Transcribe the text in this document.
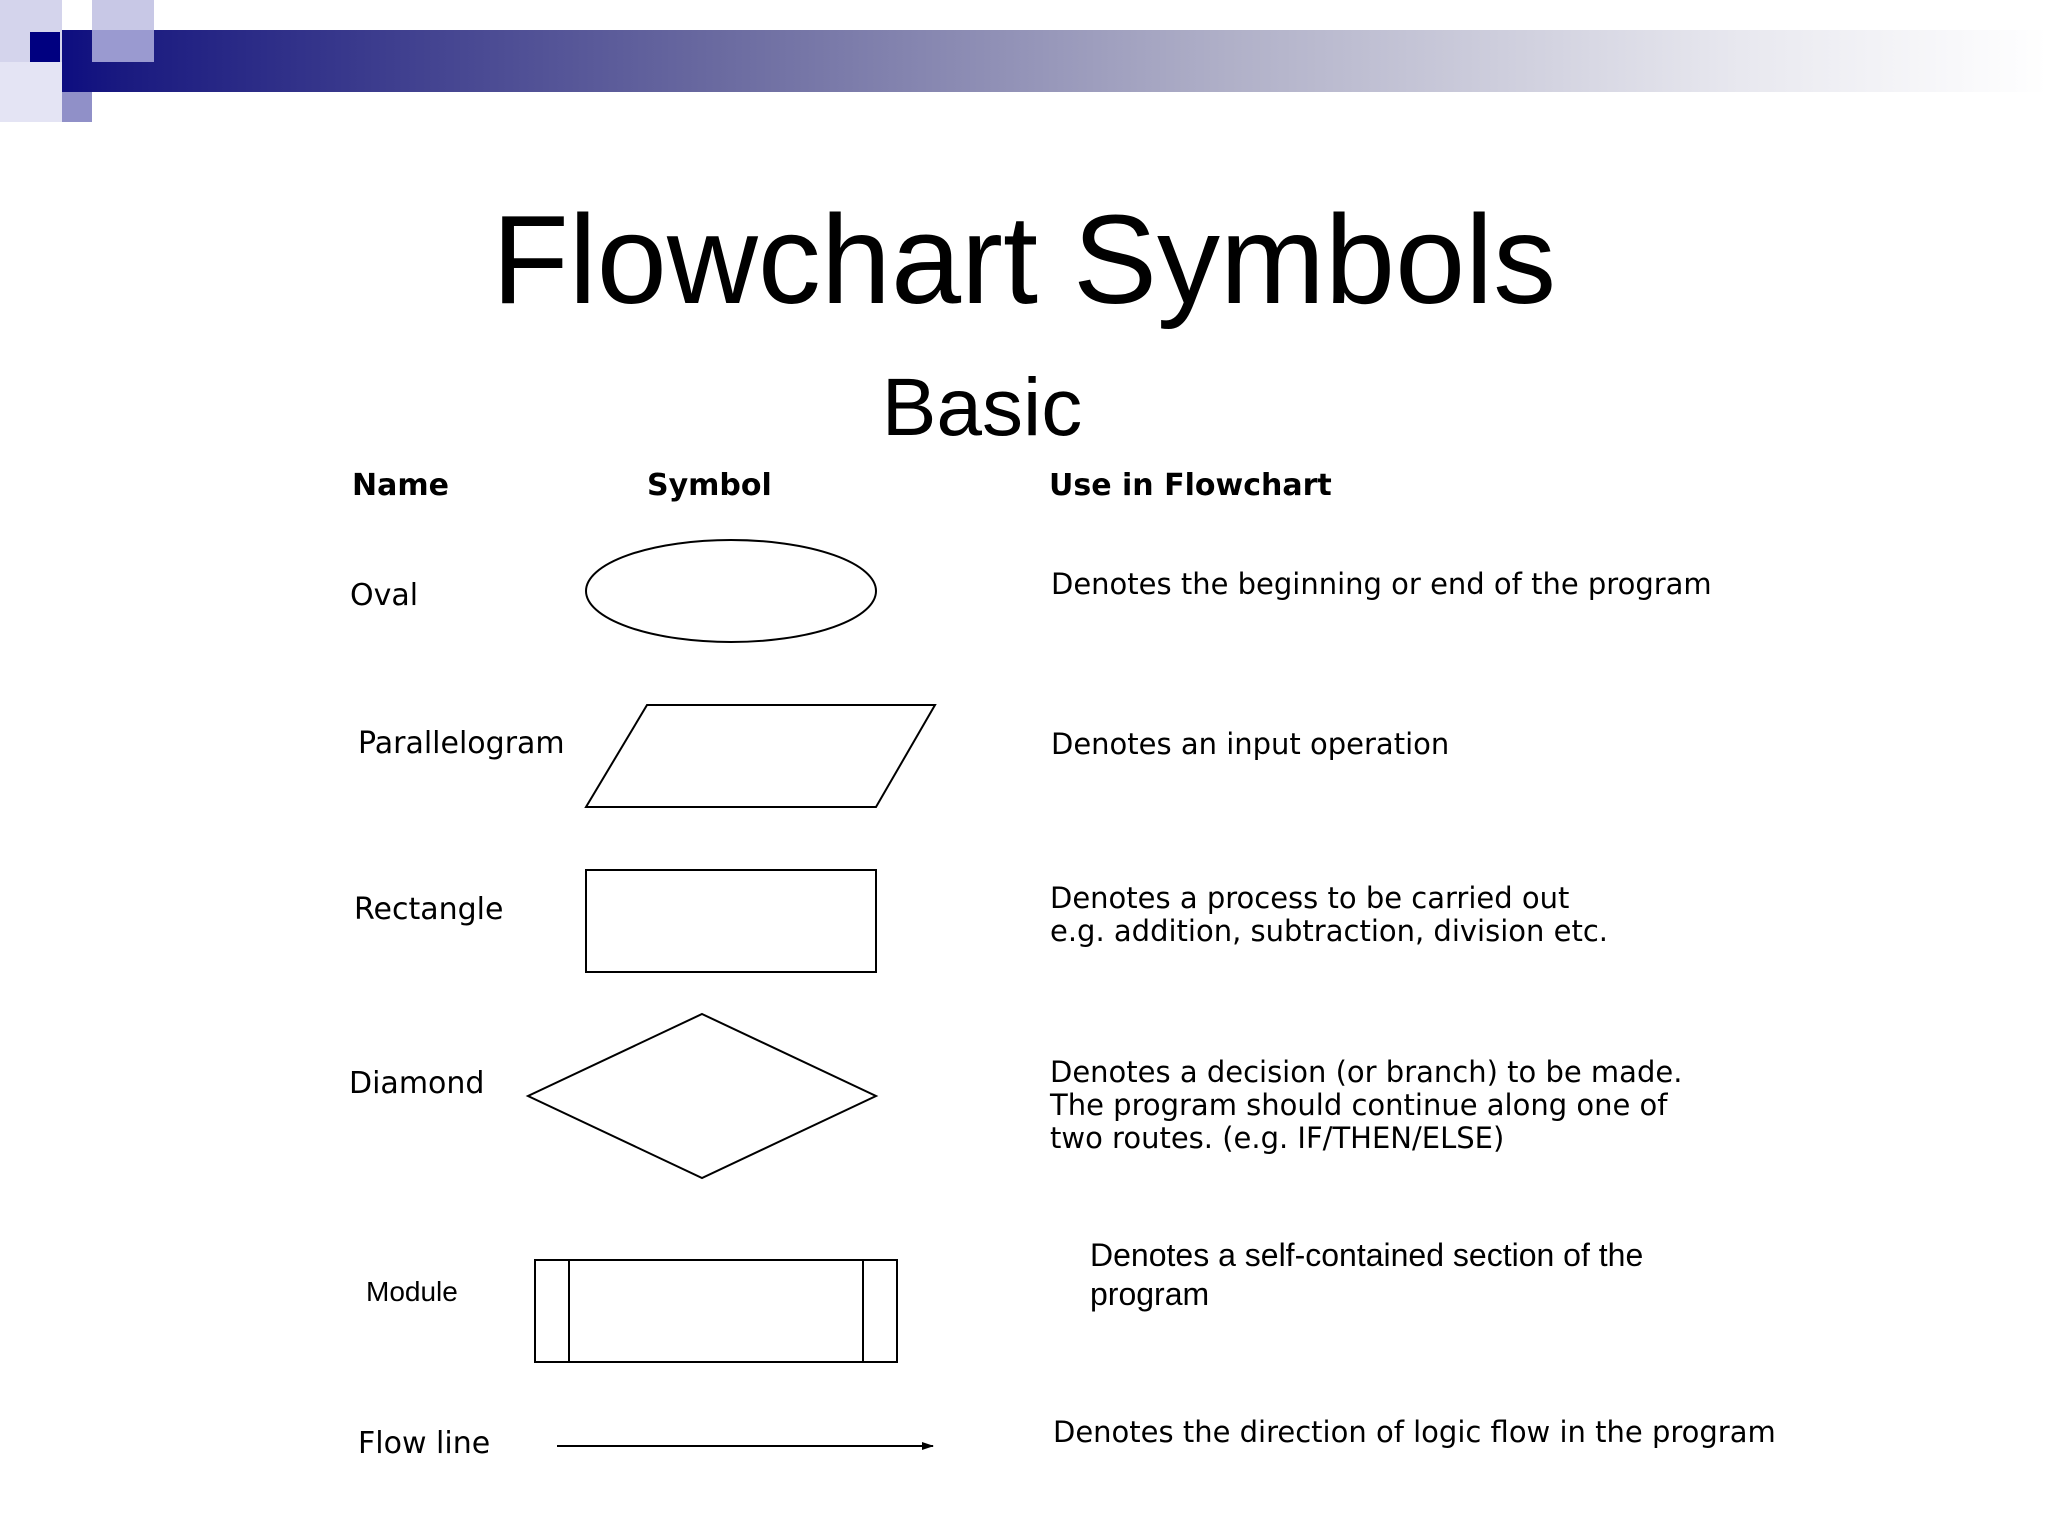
Flowchart Symbols
Basic
Name	Symbol	Use in Flowchart
Oval
Parallelogram
Rectangle
Diamond
Module
Flow line
Denotes the beginning or end of the program
Denotes an input operation
Denotes a process to be carried out
e.g. addition, subtraction, division etc.
Denotes a decision (or branch) to be made.
The program should continue along one of
two routes. (e.g. IF/THEN/ELSE)
Denotes a self-contained section of the
program
Denotes the direction of logic flow in the program
